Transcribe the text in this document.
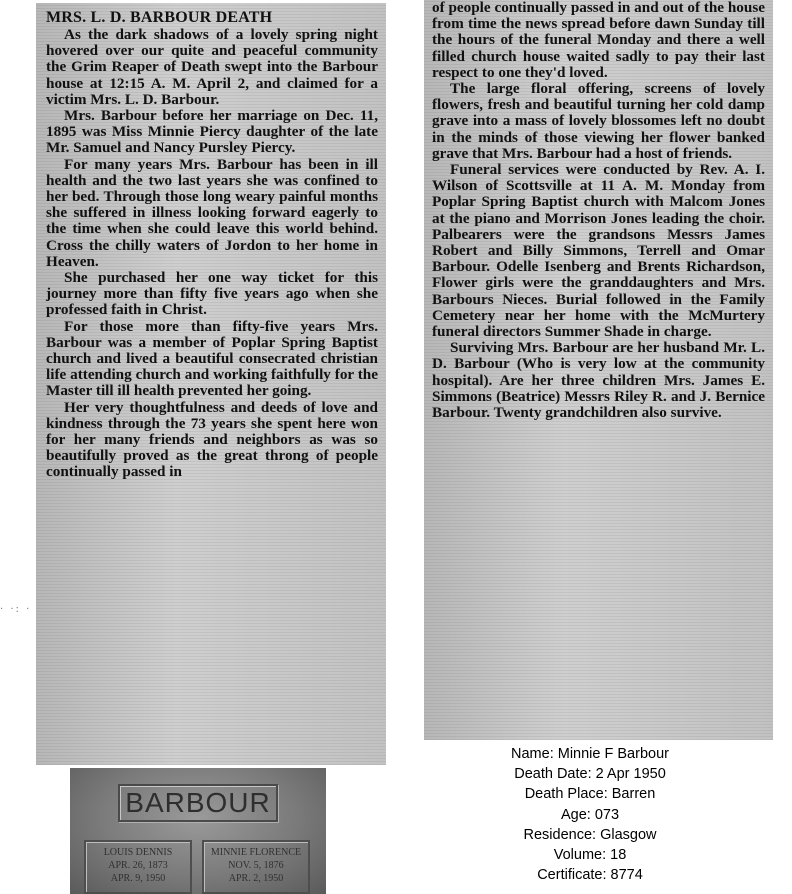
· ·: ·
MRS. L. D. BARBOUR DEATH

As the dark shadows of a lovely spring night hovered over our quite and peaceful community the Grim Reaper of Death swept into the Barbour house at 12:15 A. M. April 2, and claimed for a victim Mrs. L. D. Barbour.

Mrs. Barbour before her marriage on Dec. 11, 1895 was Miss Minnie Piercy daughter of the late Mr. Samuel and Nancy Pursley Piercy.

For many years Mrs. Barbour has been in ill health and the two last years she was confined to her bed. Through those long weary painful months she suffered in illness looking forward eagerly to the time when she could leave this world behind. Cross the chilly waters of Jordon to her home in Heaven.

She purchased her one way ticket for this journey more than fifty five years ago when she professed faith in Christ.

For those more than fifty-five years Mrs. Barbour was a member of Poplar Spring Baptist church and lived a beautiful consecrated christian life attending church and working faithfully for the Master till ill health prevented her going.

Her very thoughtfulness and deeds of love and kindness through the 73 years she spent here won for her many friends and neighbors as was so beautifully proved as the great throng of people continually passed in

of people continually passed in and out of the house from time the news spread before dawn Sunday till the hours of the funeral Monday and there a well filled church house waited sadly to pay their last respect to one they'd loved.

The large floral offering, screens of lovely flowers, fresh and beautiful turning her cold damp grave into a mass of lovely blossomes left no doubt in the minds of those viewing her flower banked grave that Mrs. Barbour had a host of friends.

Funeral services were conducted by Rev. A. I. Wilson of Scottsville at 11 A. M. Monday from Poplar Spring Baptist church with Malcom Jones at the piano and Morrison Jones leading the choir. Palbearers were the grandsons Messrs James Robert and Billy Simmons, Terrell and Omar Barbour. Odelle Isenberg and Brents Richardson, Flower girls were the granddaughters and Mrs. Barbours Nieces. Burial followed in the Family Cemetery near her home with the McMurtery funeral directors Summer Shade in charge.

Surviving Mrs. Barbour are her husband Mr. L. D. Barbour (Who is very low at the community hospital). Are her three children Mrs. James E. Simmons (Beatrice) Messrs Riley R. and J. Bernice Barbour. Twenty grandchildren also survive.

BARBOUR
LOUIS DENNIS
APR. 26, 1873
APR. 9, 1950
MINNIE FLORENCE
NOV. 5, 1876
APR. 2, 1950
Name: Minnie F Barbour
Death Date: 2 Apr 1950
Death Place: Barren
Age: 073
Residence: Glasgow
Volume: 18
Certificate: 8774
